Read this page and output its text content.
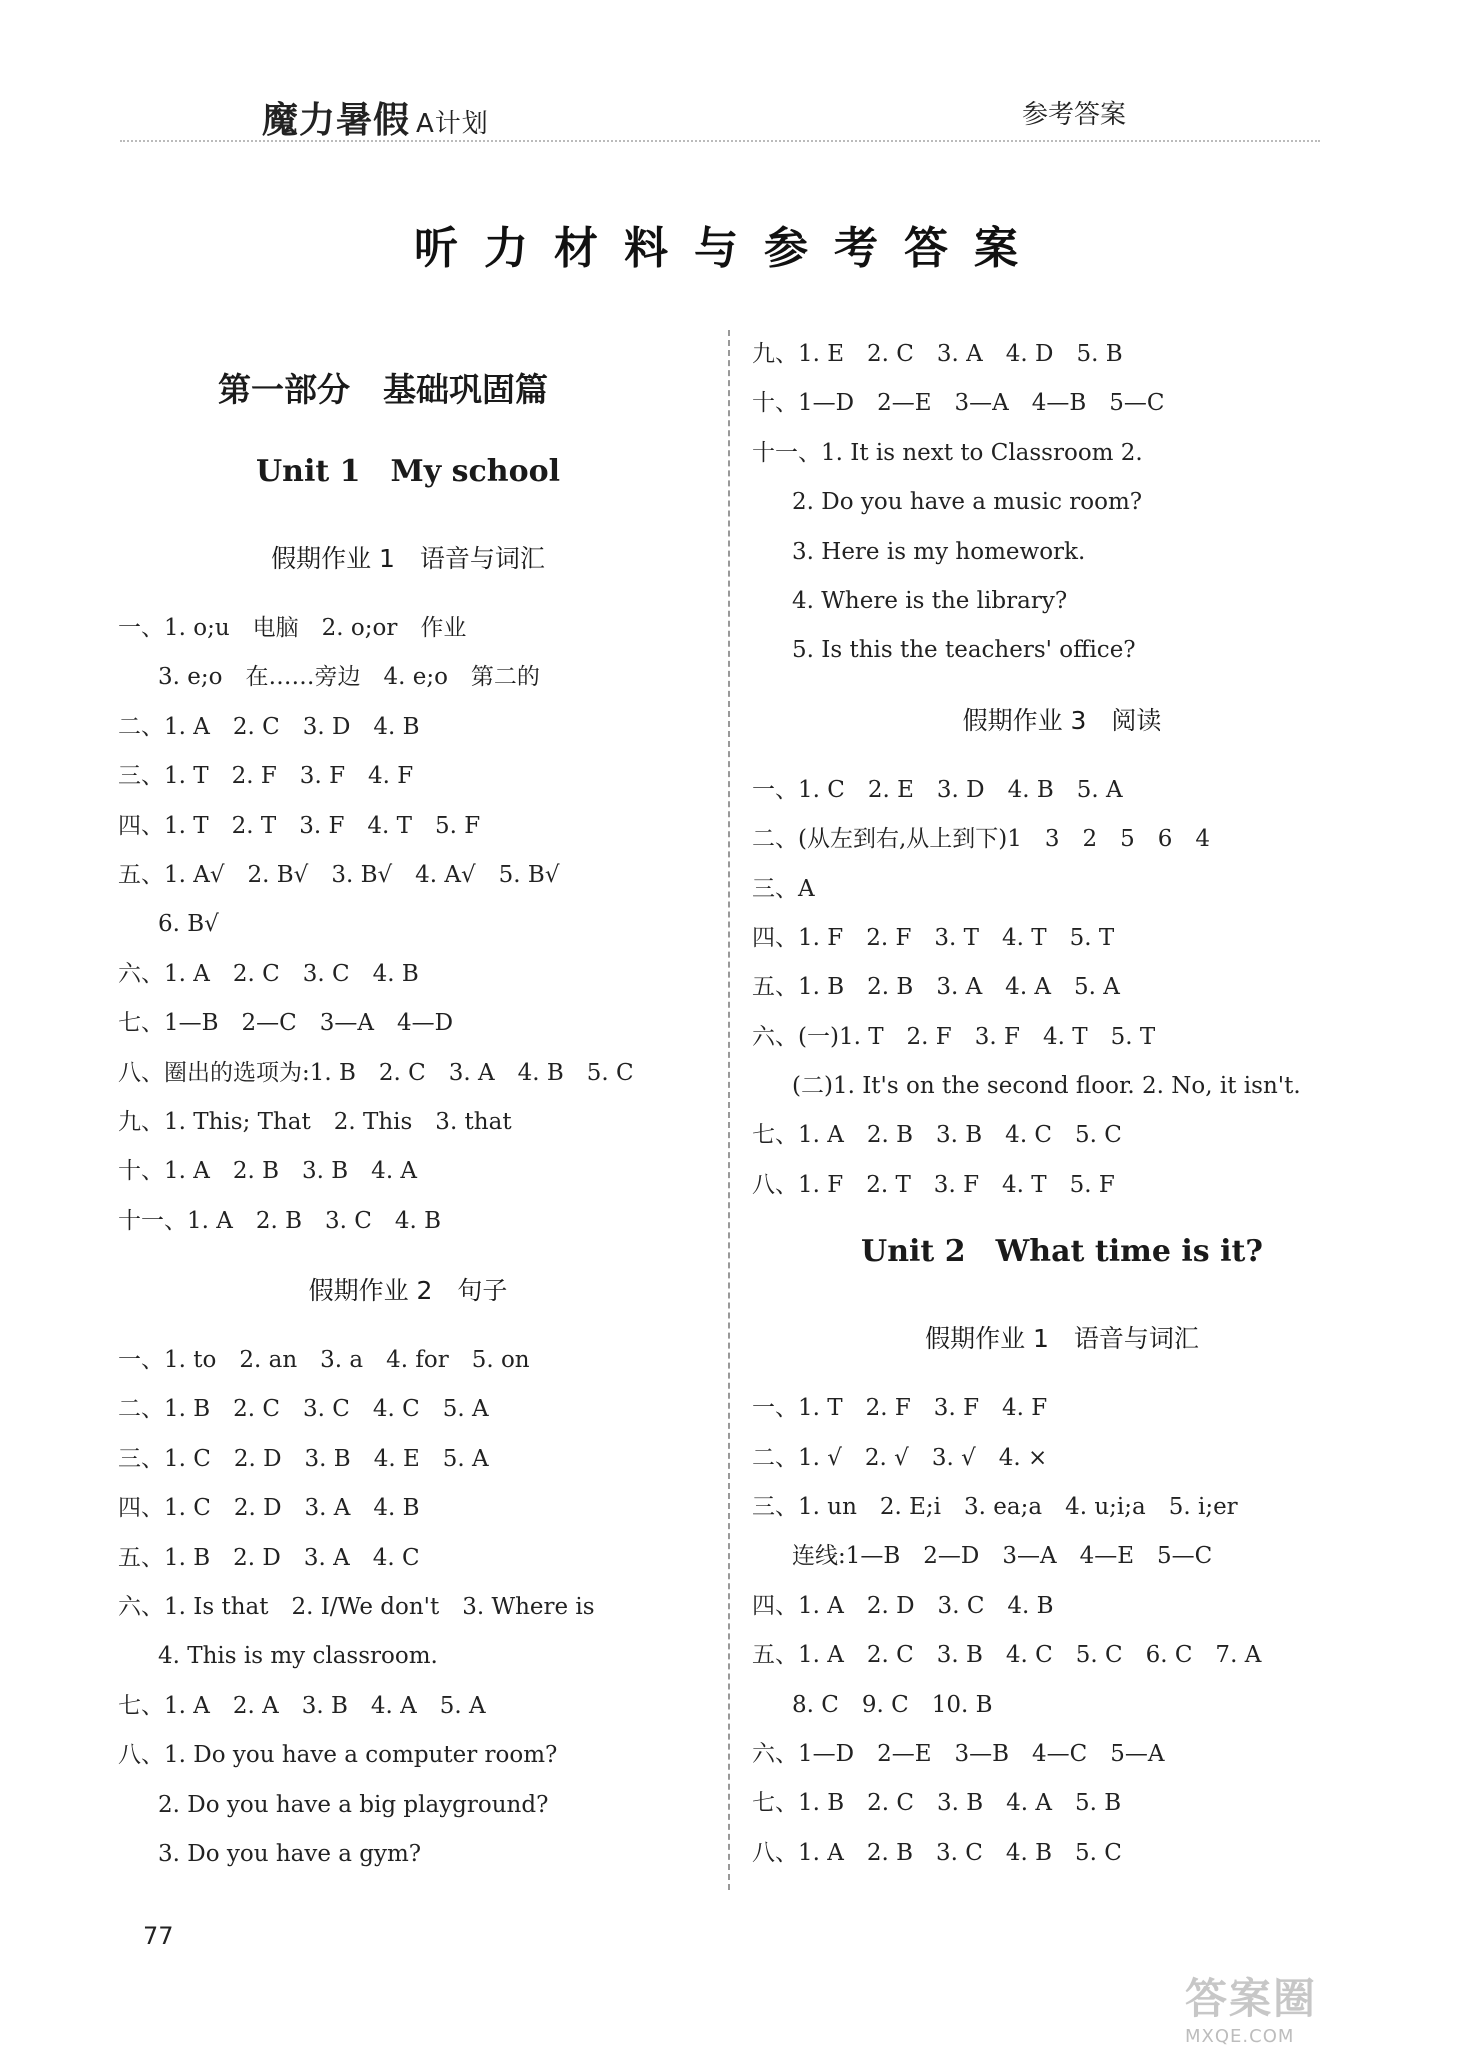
魔力暑假 A计划	参考答案
听力材料与参考答案
第一部分　基础巩固篇
Unit 1　My school
假期作业 1　语音与词汇
一、1. o;u　电脑　2. o;or　作业
3. e;o　在……旁边　4. e;o　第二的
二、1. A　2. C　3. D　4. B
三、1. T　2. F　3. F　4. F
四、1. T　2. T　3. F　4. T　5. F
五、1. A√　2. B√　3. B√　4. A√　5. B√
6. B√
六、1. A　2. C　3. C　4. B
七、1—B　2—C　3—A　4—D
八、圈出的选项为:1. B　2. C　3. A　4. B　5. C
九、1. This; That　2. This　3. that
十、1. A　2. B　3. B　4. A
十一、1. A　2. B　3. C　4. B
假期作业 2　句子
一、1. to　2. an　3. a　4. for　5. on
二、1. B　2. C　3. C　4. C　5. A
三、1. C　2. D　3. B　4. E　5. A
四、1. C　2. D　3. A　4. B
五、1. B　2. D　3. A　4. C
六、1. Is that　2. I/We don't　3. Where is
4. This is my classroom.
七、1. A　2. A　3. B　4. A　5. A
八、1. Do you have a computer room?
2. Do you have a big playground?
3. Do you have a gym?
九、1. E　2. C　3. A　4. D　5. B
十、1—D　2—E　3—A　4—B　5—C
十一、1. It is next to Classroom 2.
2. Do you have a music room?
3. Here is my homework.
4. Where is the library?
5. Is this the teachers' office?
假期作业 3　阅读
一、1. C　2. E　3. D　4. B　5. A
二、(从左到右,从上到下)1　3　2　5　6　4
三、A
四、1. F　2. F　3. T　4. T　5. T
五、1. B　2. B　3. A　4. A　5. A
六、(一)1. T　2. F　3. F　4. T　5. T
(二)1. It's on the second floor. 2. No, it isn't.
七、1. A　2. B　3. B　4. C　5. C
八、1. F　2. T　3. F　4. T　5. F
Unit 2　What time is it?
假期作业 1　语音与词汇
一、1. T　2. F　3. F　4. F
二、1. √　2. √　3. √　4. ×
三、1. un　2. E;i　3. ea;a　4. u;i;a　5. i;er
连线:1—B　2—D　3—A　4—E　5—C
四、1. A　2. D　3. C　4. B
五、1. A　2. C　3. B　4. C　5. C　6. C　7. A
8. C　9. C　10. B
六、1—D　2—E　3—B　4—C　5—A
七、1. B　2. C　3. B　4. A　5. B
八、1. A　2. B　3. C　4. B　5. C
77
答案圈
MXQE.COM
